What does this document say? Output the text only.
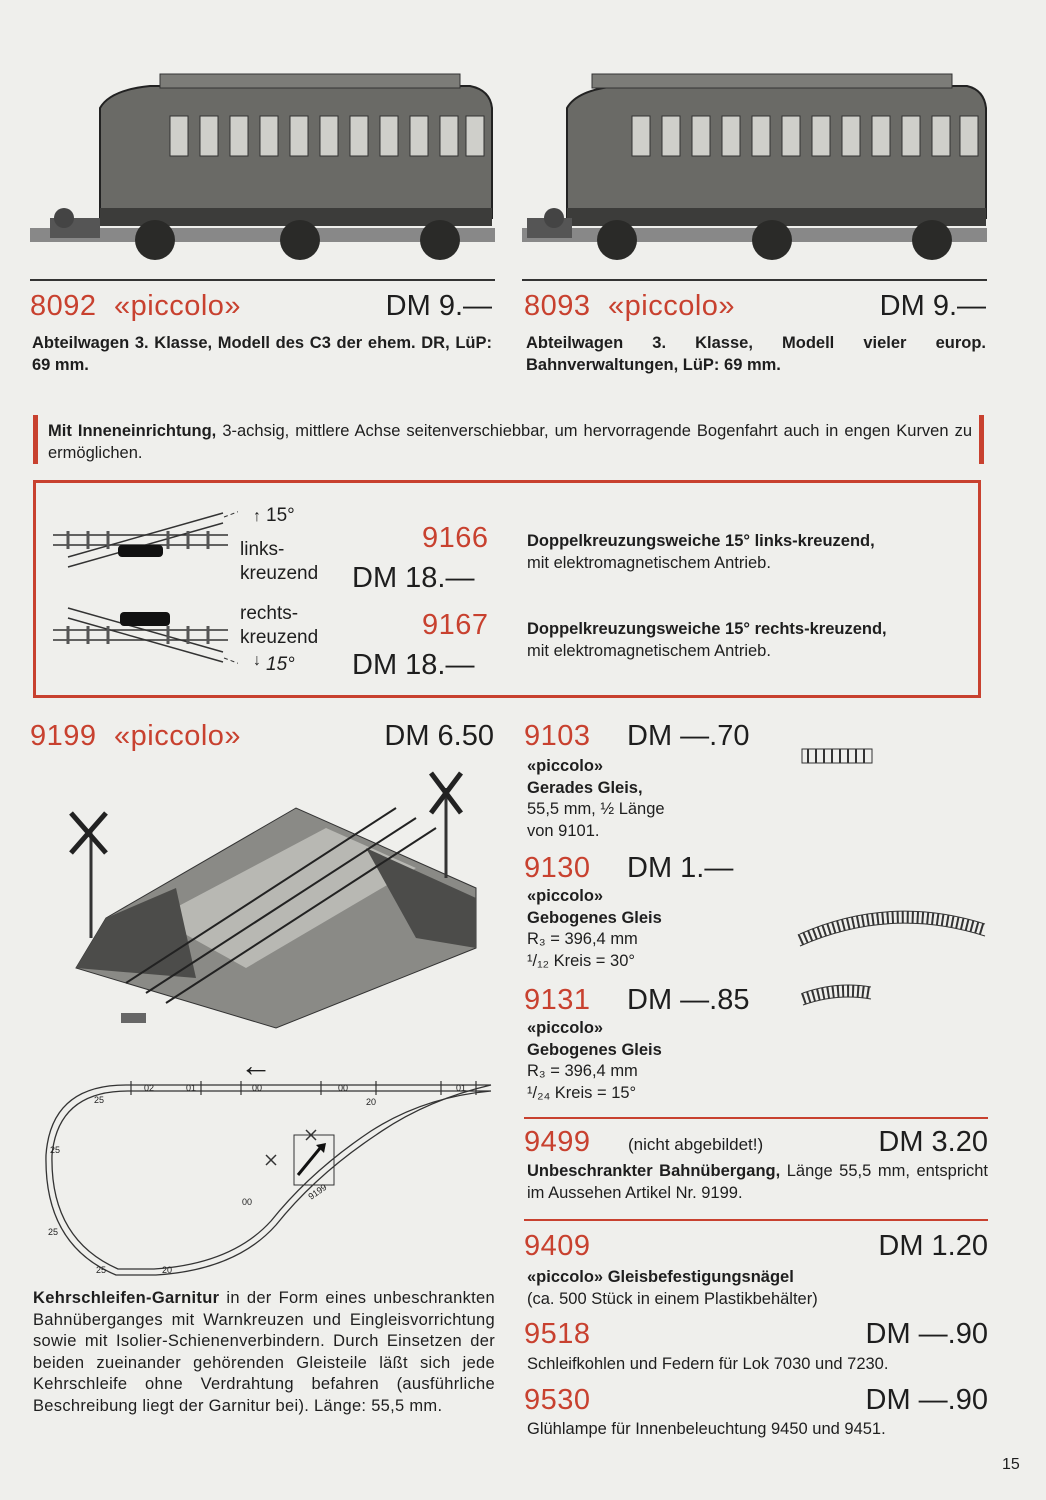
8092 «piccolo»	DM 9.—
Abteilwagen 3. Klasse, Modell des C3 der ehem. DR, LüP: 69 mm.
8093 «piccolo»	DM 9.—
Abteilwagen 3. Klasse, Modell vieler europ. Bahnverwaltungen, LüP: 69 mm.
Mit Inneneinrichtung, 3-achsig, mittlere Achse seitenverschiebbar, um hervorragende Bogenfahrt auch in engen Kurven zu ermöglichen.
↑ 15°
links-
kreuzend
rechts-
kreuzend
↓ 15°
9166
DM 18.—
Doppelkreuzungsweiche 15° links-kreuzend,
mit elektromagnetischem Antrieb.
9167
DM 18.—
Doppelkreuzungsweiche 15° rechts-kreuzend,
mit elektromagnetischem Antrieb.
9199 «piccolo»	DM 6.50
←
02	01	00	00	01
25
25
25
25	20
20
00
9199
Kehrschleifen-Garnitur in der Form eines unbeschrankten Bahnüberganges mit Warnkreuzen und Eingleisvorrichtung sowie mit Isolier-Schienenverbindern. Durch Einsetzen der beiden zueinander gehörenden Gleisteile läßt sich jede Kehrschleife ohne Verdrahtung befahren (ausführliche Beschreibung liegt der Garnitur bei). Länge: 55,5 mm.
9103 DM —.70
«piccolo»
Gerades Gleis,
55,5 mm, ½ Länge
von 9101.
9130 DM 1.—
«piccolo»
Gebogenes Gleis
R₃ = 396,4 mm
¹/₁₂ Kreis = 30°
9131 DM —.85
«piccolo»
Gebogenes Gleis
R₃ = 396,4 mm
¹/₂₄ Kreis = 15°
9499 (nicht abgebildet!)	DM 3.20
Unbeschrankter Bahnübergang, Länge 55,5 mm, entspricht im Aussehen Artikel Nr. 9199.
9409	DM 1.20
«piccolo» Gleisbefestigungsnägel
(ca. 500 Stück in einem Plastikbehälter)
9518	DM —.90
Schleifkohlen und Federn für Lok 7030 und 7230.
9530	DM —.90
Glühlampe für Innenbeleuchtung 9450 und 9451.
15
